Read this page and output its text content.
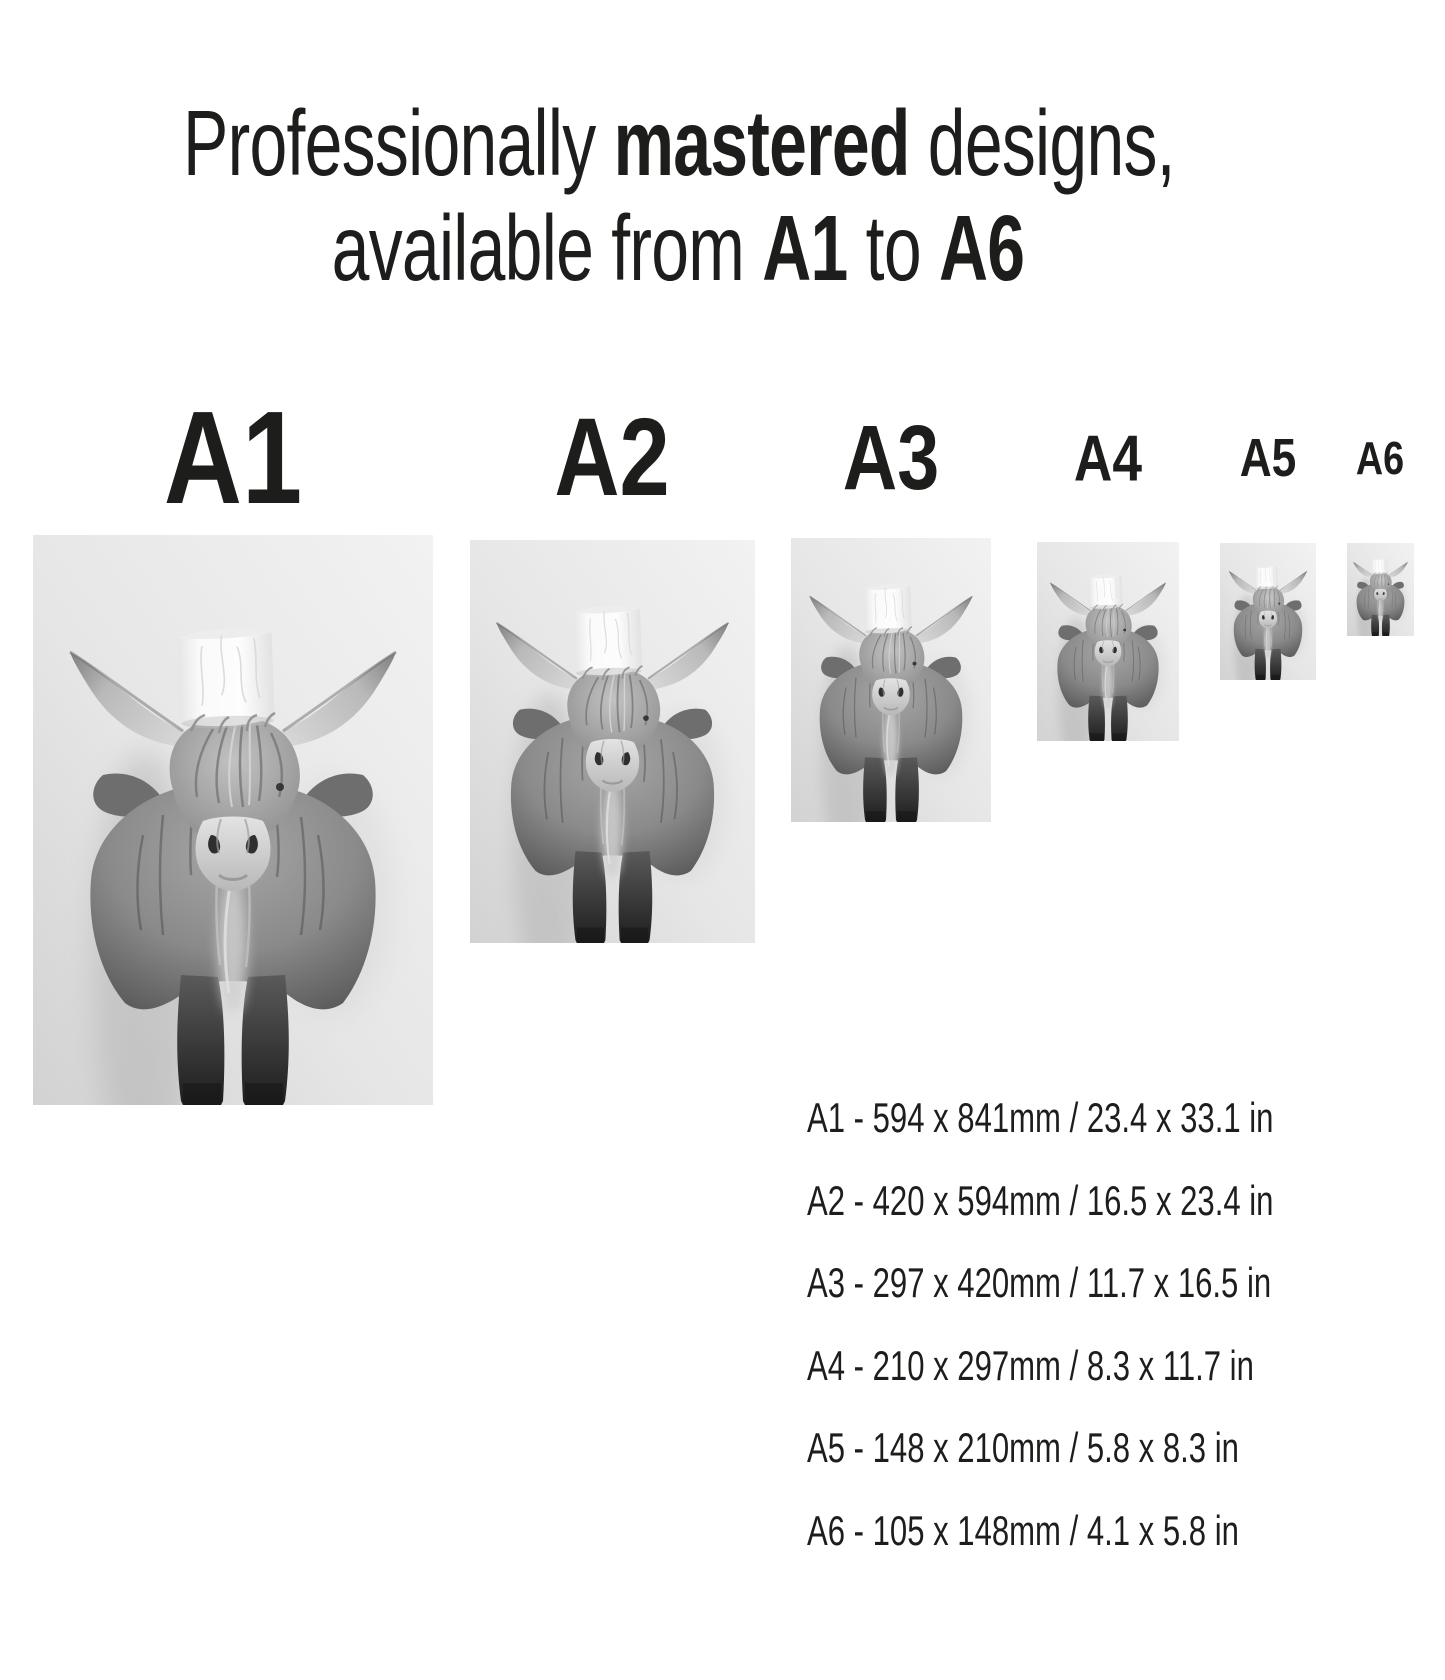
Professionally mastered designs,
available from A1 to A6
A1 A2 A3 A4 A5 A6
A1 - 594 x 841mm / 23.4 x 33.1 in
A2 - 420 x 594mm / 16.5 x 23.4 in
A3 - 297 x 420mm / 11.7 x 16.5 in
A4 - 210 x 297mm / 8.3 x 11.7 in
A5 - 148 x 210mm / 5.8 x 8.3 in
A6 - 105 x 148mm / 4.1 x 5.8 in
